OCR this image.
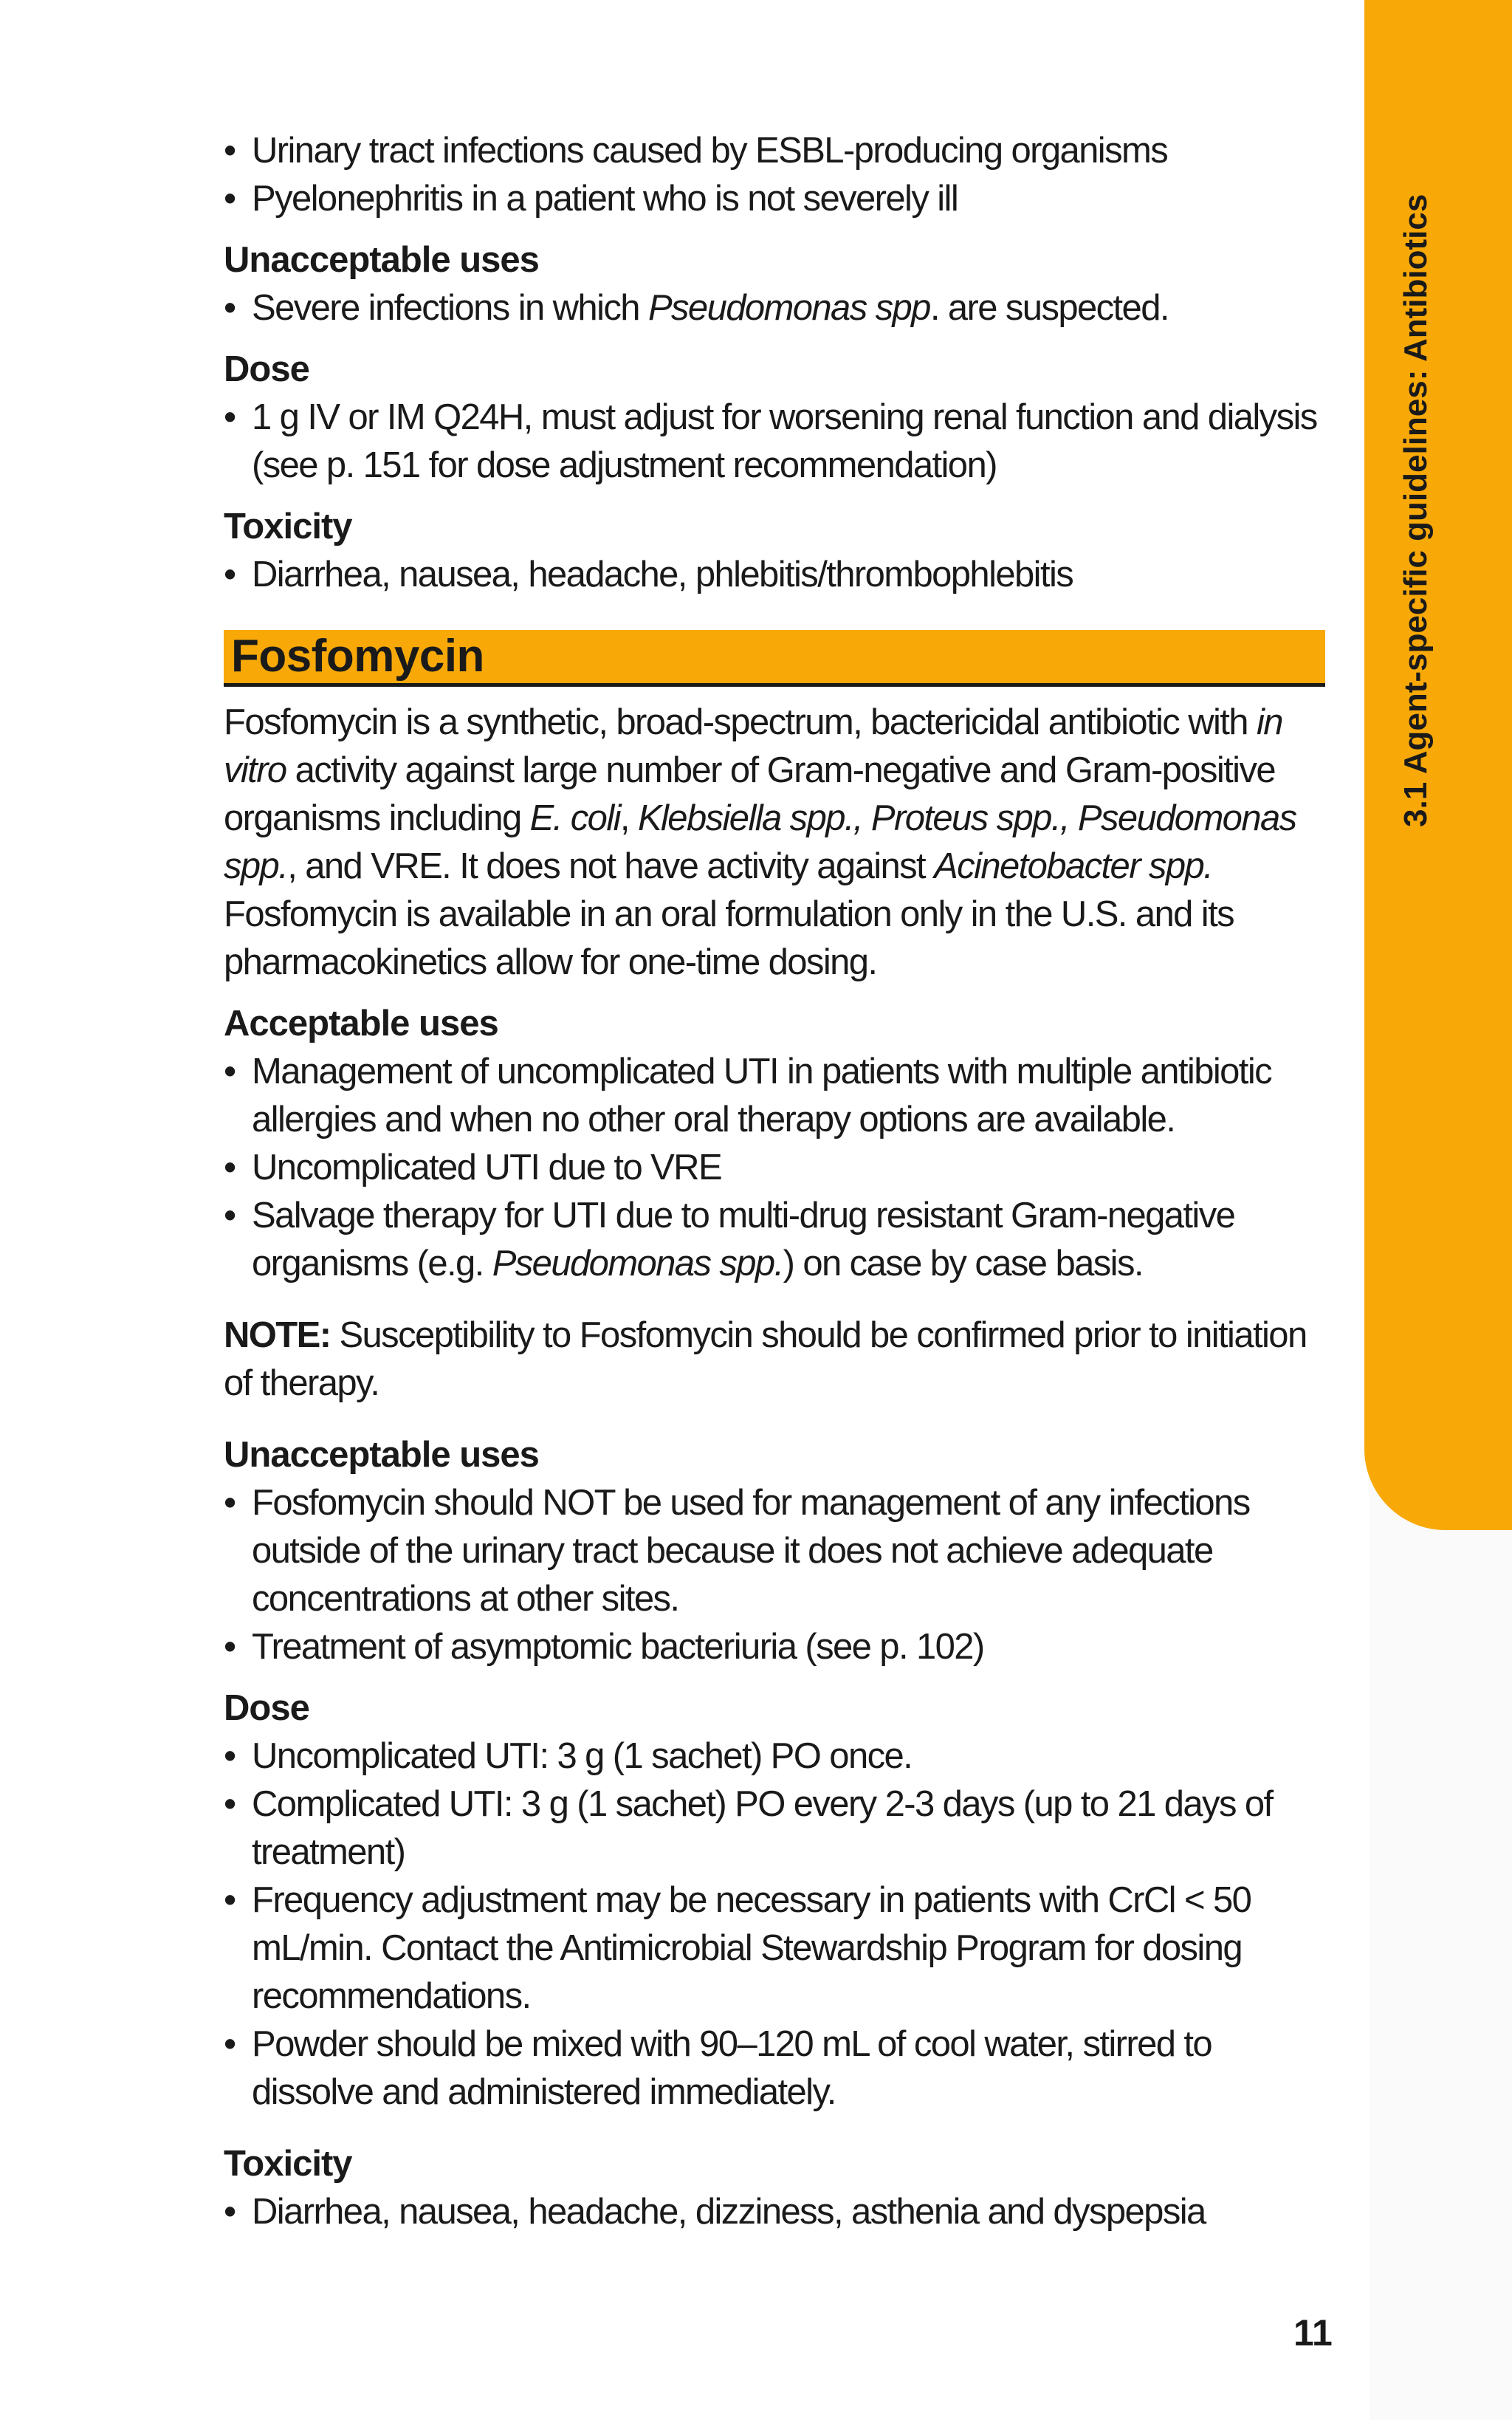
3.1 Agent-specific guidelines: Antibiotics
• Urinary tract infections caused by ESBL-producing organisms
• Pyelonephritis in a patient who is not severely ill
Unacceptable uses
• Severe infections in which Pseudomonas spp. are suspected.
Dose
• 1 g IV or IM Q24H, must adjust for worsening renal function and dialysis (see p. 151 for dose adjustment recommendation)
Toxicity
• Diarrhea, nausea, headache, phlebitis/thrombophlebitis
Fosfomycin
Fosfomycin is a synthetic, broad-spectrum, bactericidal antibiotic with in vitro activity against large number of Gram-negative and Gram-positive organisms including E. coli, Klebsiella spp., Proteus spp., Pseudomonas spp., and VRE. It does not have activity against Acinetobacter spp. Fosfomycin is available in an oral formulation only in the U.S. and its pharmacokinetics allow for one-time dosing.
Acceptable uses
• Management of uncomplicated UTI in patients with multiple antibiotic allergies and when no other oral therapy options are available.
• Uncomplicated UTI due to VRE
• Salvage therapy for UTI due to multi-drug resistant Gram-negative organisms (e.g. Pseudomonas spp.) on case by case basis.
NOTE: Susceptibility to Fosfomycin should be confirmed prior to initiation of therapy.
Unacceptable uses
• Fosfomycin should NOT be used for management of any infections outside of the urinary tract because it does not achieve adequate concentrations at other sites.
• Treatment of asymptomic bacteriuria (see p. 102)
Dose
• Uncomplicated UTI: 3 g (1 sachet) PO once.
• Complicated UTI: 3 g (1 sachet) PO every 2-3 days (up to 21 days of treatment)
• Frequency adjustment may be necessary in patients with CrCl < 50 mL/min. Contact the Antimicrobial Stewardship Program for dosing recommendations.
• Powder should be mixed with 90–120 mL of cool water, stirred to dissolve and administered immediately.
Toxicity
• Diarrhea, nausea, headache, dizziness, asthenia and dyspepsia
11
